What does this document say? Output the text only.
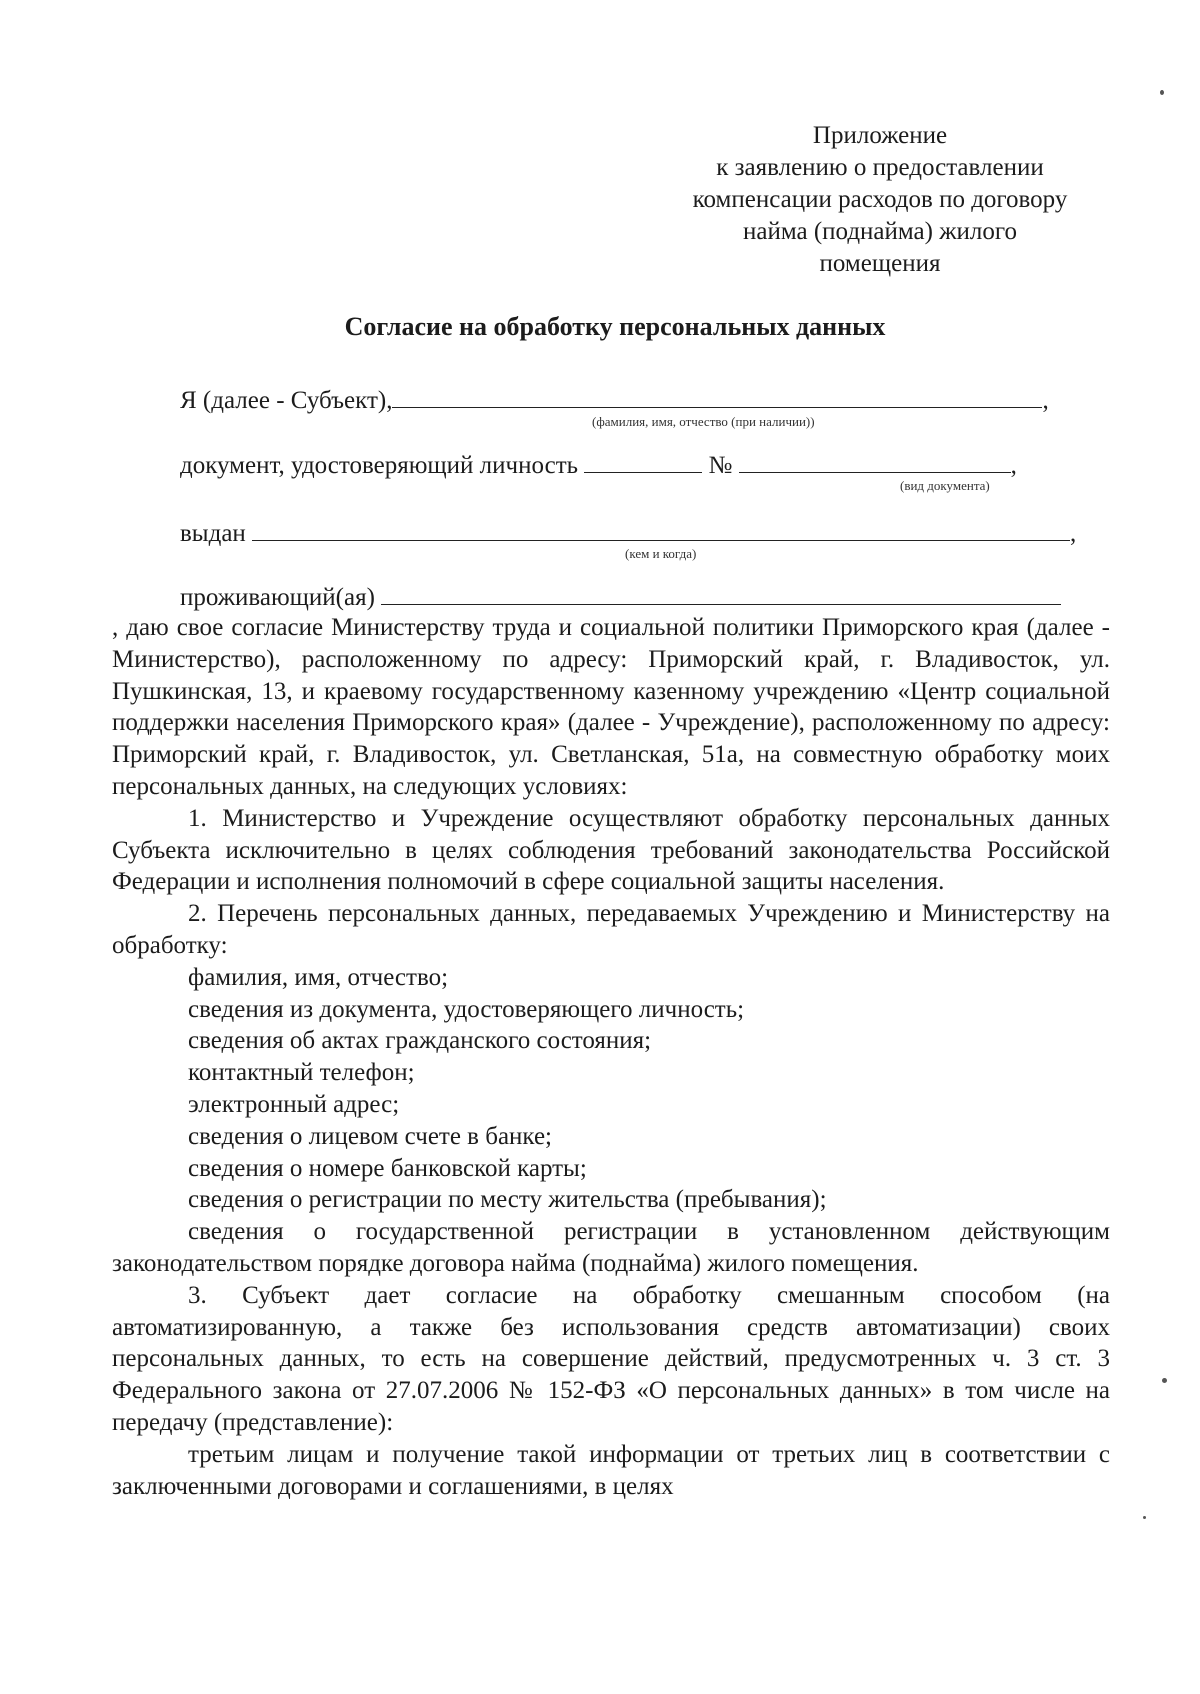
Приложение
к заявлению о предоставлении
компенсации расходов по договору
найма (поднайма) жилого
помещения
Согласие на обработку персональных данных
Я (далее - Субъект),	,
(фамилия, имя, отчество (при наличии))
документ, удостоверяющий личность	№	,
(вид документа)
выдан	,
(кем и когда)
проживающий(ая)

, даю свое согласие Министерству труда и социальной политики Приморского края (далее - Министерство), расположенному по адресу: Приморский край, г. Владивосток, ул. Пушкинская, 13, и краевому государственному казенному учреждению «Центр социальной поддержки населения Приморского края» (далее - Учреждение), расположенному по адресу: Приморский край, г. Владивосток, ул. Светланская, 51а, на совместную обработку моих персональных данных, на следующих условиях:

1. Министерство и Учреждение осуществляют обработку персональных данных Субъекта исключительно в целях соблюдения требований законодательства Российской Федерации и исполнения полномочий в сфере социальной защиты населения.

2. Перечень персональных данных, передаваемых Учреждению и Министерству на обработку:

фамилия, имя, отчество;

сведения из документа, удостоверяющего личность;

сведения об актах гражданского состояния;

контактный телефон;

электронный адрес;

сведения о лицевом счете в банке;

сведения о номере банковской карты;

сведения о регистрации по месту жительства (пребывания);

сведения о государственной регистрации в установленном действующим законодательством порядке договора найма (поднайма) жилого помещения.

3. Субъект дает согласие на обработку смешанным способом (на автоматизированную, а также без использования средств автоматизации) своих персональных данных, то есть на совершение действий, предусмотренных ч. 3 ст. 3 Федерального закона от 27.07.2006 № 152-ФЗ «О персональных данных» в том числе на передачу (представление):

третьим лицам и получение такой информации от третьих лиц в соответствии с заключенными договорами и соглашениями, в целях
